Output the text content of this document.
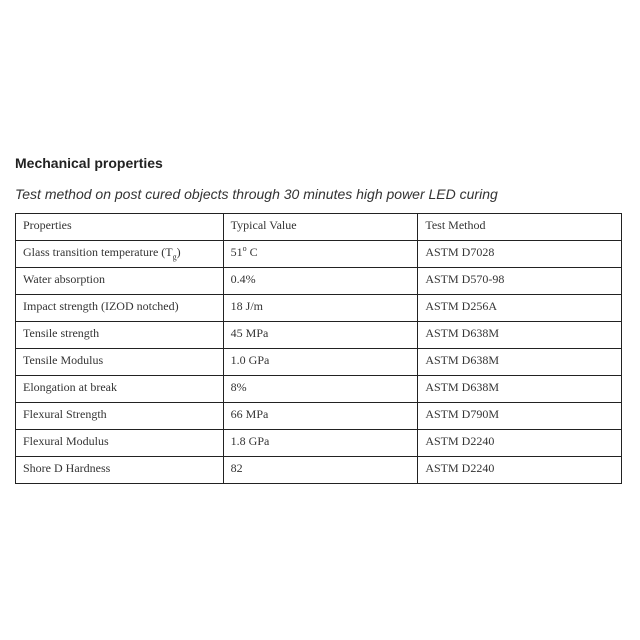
Mechanical properties

Test method on post cured objects through 30 minutes high power LED curing

Properties	Typical Value	Test Method
Glass transition temperature $(T_g)$	51$^o$ C	ASTM D7028
Water absorption	0.4%	ASTM D570-98
Impact strength (IZOD notched)	18 J/m	ASTM D256A
Tensile strength	45 MPa	ASTM D638M
Tensile Modulus	1.0 GPa	ASTM D638M
Elongation at break	8%	ASTM D638M
Flexural Strength	66 MPa	ASTM D790M
Flexural Modulus	1.8 GPa	ASTM D2240
Shore D Hardness	82	ASTM D2240
